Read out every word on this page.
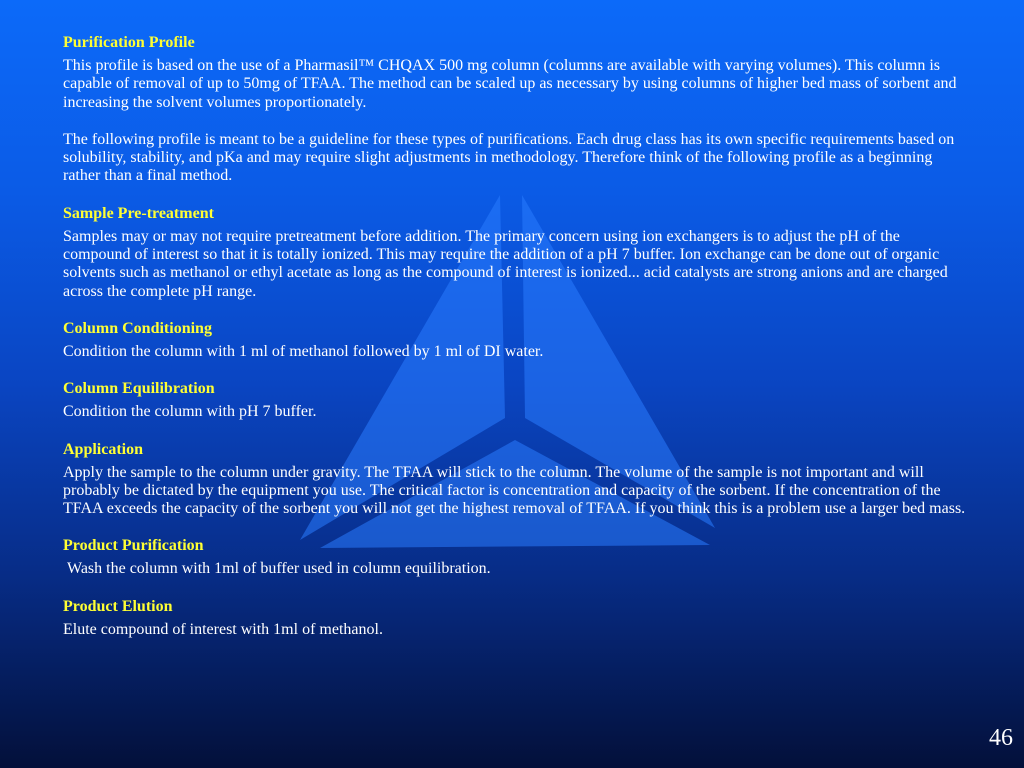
Purification Profile

This profile is based on the use of a Pharmasil™ CHQAX 500 mg column (columns are available with varying volumes). This column is capable of removal of up to 50mg of TFAA. The method can be scaled up as necessary by using columns of higher bed mass of sorbent and increasing the solvent volumes proportionately.

The following profile is meant to be a guideline for these types of purifications. Each drug class has its own specific requirements based on solubility, stability, and pKa and may require slight adjustments in methodology. Therefore think of the following profile as a beginning rather than a final method.

Sample Pre-treatment

Samples may or may not require pretreatment before addition. The primary concern using ion exchangers is to adjust the pH of the compound of interest so that it is totally ionized. This may require the addition of a pH 7 buffer. Ion exchange can be done out of organic solvents such as methanol or ethyl acetate as long as the compound of interest is ionized... acid catalysts are strong anions and are charged across the complete pH range.

Column Conditioning

Condition the column with 1 ml of methanol followed by 1 ml of DI water.

Column Equilibration

Condition the column with pH 7 buffer.

Application

Apply the sample to the column under gravity. The TFAA will stick to the column. The volume of the sample is not important and will probably be dictated by the equipment you use. The critical factor is concentration and capacity of the sorbent. If the concentration of the TFAA exceeds the capacity of the sorbent you will not get the highest removal of TFAA. If you think this is a problem use a larger bed mass.

Product Purification

Wash the column with 1ml of buffer used in column equilibration.

Product Elution

Elute compound of interest with 1ml of methanol.

46
